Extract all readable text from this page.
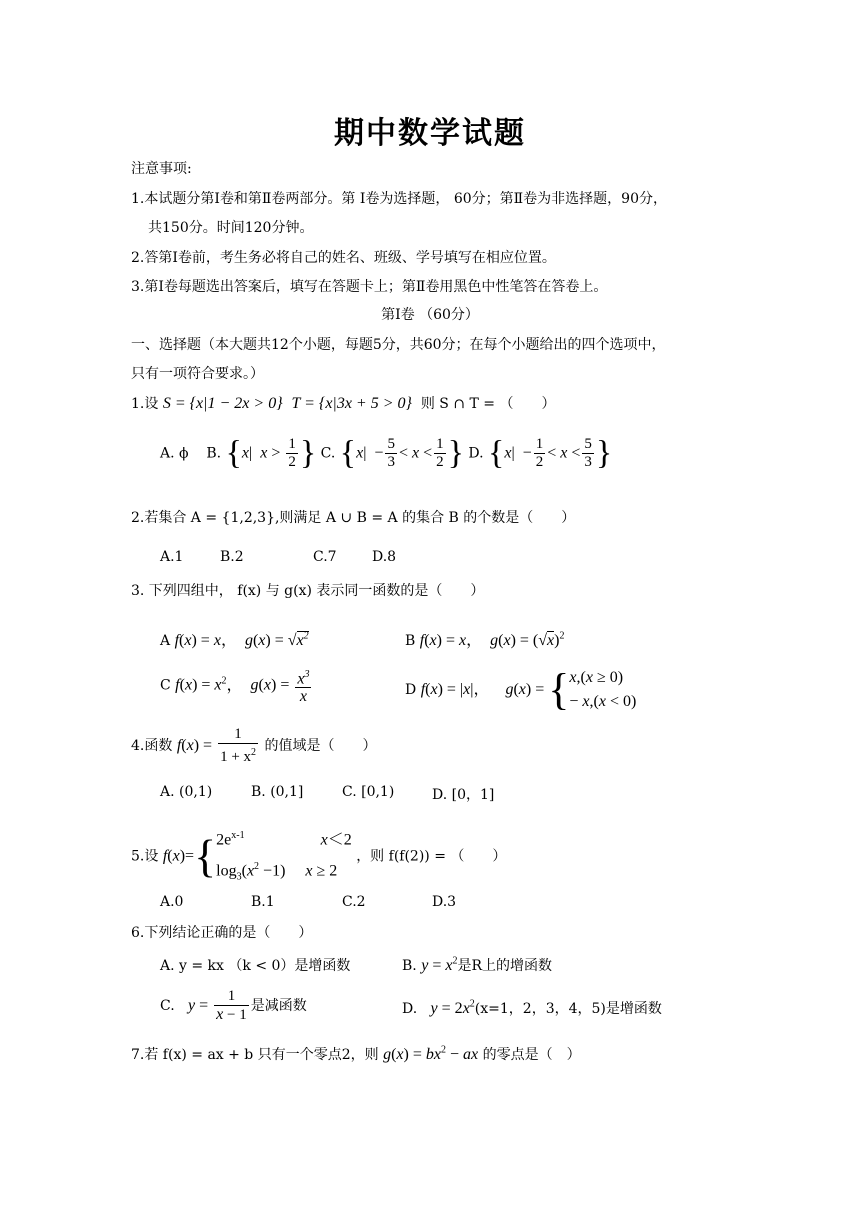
期中数学试题
注意事项:
1.本试题分第Ⅰ卷和第Ⅱ卷两部分。第 Ⅰ卷为选择题， 60分；第Ⅱ卷为非选择题，90分，
共150分。时间120分钟。
2.答第Ⅰ卷前，考生务必将自己的姓名、班级、学号填写在相应位置。
3.第Ⅰ卷每题选出答案后，填写在答题卡上；第Ⅱ卷用黑色中性笔答在答卷上。
第Ⅰ卷 （60分）
一、选择题（本大题共12个小题，每题5分，共60分；在每个小题给出的四个选项中，
只有一项符合要求。）
1.设 S = {x|1 − 2x > 0} T = {x|3x + 5 > 0} 则 S ∩ T = （　　）
A. ϕ B. {x|  $x > \frac{1}{2}$ } C. {$x| - \frac{5}{3} < x < \frac{1}{2}$ } D. {$x| - \frac{1}{2} < x < \frac{5}{3}$ }
2.若集合 A = {1,2,3},则满足 A ∪ B = A 的集合 B 的个数是（　　）
A.1	B.2	C.7	D.8
3. 下列四组中， f(x) 与 g(x) 表示同一函数的是（　　）
A f(x) = x，  $g(x) = √x^2$	B f(x) = x，  $g(x) = (√x)^2$
C $f(x) = x^2$，  $g(x) = \frac{x^3}{x}$	D f(x) = |x|，    g(x) = {x,(x ≥ 0)
− x,(x < 0)
4.函数 $f(x) = \frac{1}{1 + x^2}$ 的值域是（　　）
A. (0,1)	B. (0,1]	C. [0,1)	D. [0，1]
5.设 $f(x)=\{2e^{x-1}$	x＜2
$\log_3(x^2 -1)$     x ≥ 2 ，则 f(f(2)) = （　　）
A.0	B.1	C.2	D.3
6.下列结论正确的是（　　）
A. y = kx （k < 0）是增函数	B. $y = x^2$是R上的增函数
C. $y = \frac{1}{x - 1}$ 是减函数	D. $y = 2x^2(x=1$，2，3，4，5)是增函数
7.若 f(x) = ax + b 只有一个零点2，则 $g(x) = bx^2$ − ax 的零点是（　）
